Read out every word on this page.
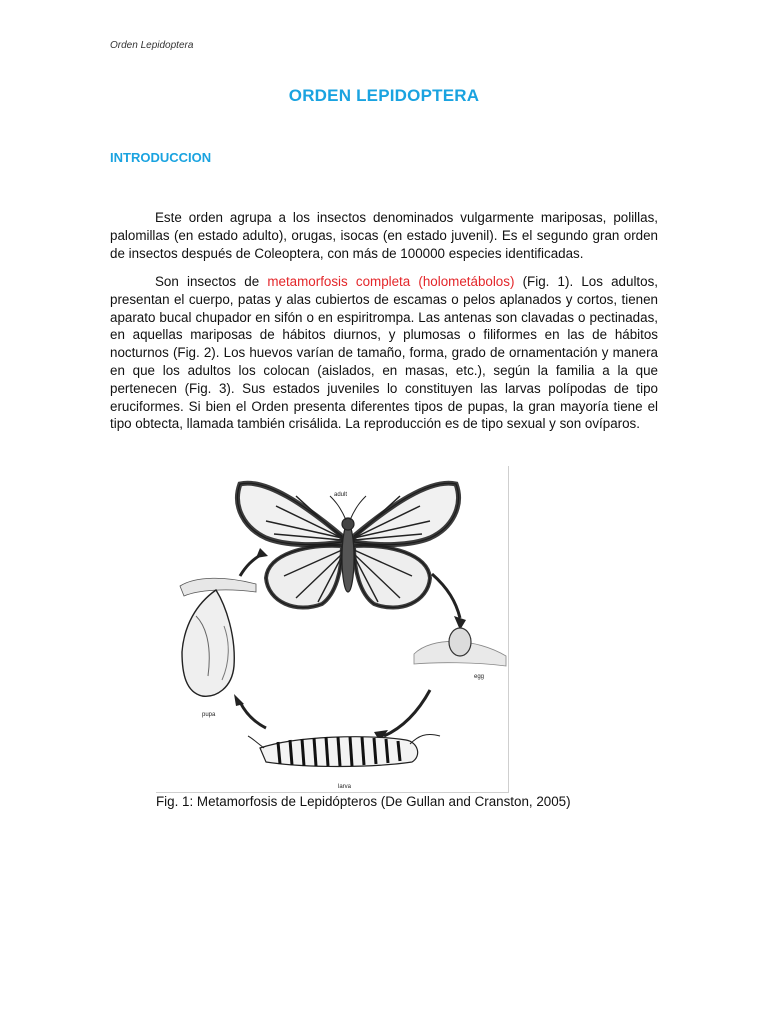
Orden Lepidoptera
ORDEN LEPIDOPTERA
INTRODUCCION

Este orden agrupa a los insectos denominados vulgarmente mariposas, polillas, palomillas (en estado adulto), orugas, isocas (en estado juvenil). Es el segundo gran orden de insectos después de Coleoptera, con más de 100000 especies identificadas.

Son insectos de metamorfosis completa (holometábolos) (Fig. 1). Los adultos, presentan el cuerpo, patas y alas cubiertos de escamas o pelos aplanados y cortos, tienen aparato bucal chupador en sifón o en espiritrompa. Las antenas son clavadas o pectinadas, en aquellas mariposas de hábitos diurnos, y plumosas o filiformes en las de hábitos nocturnos (Fig. 2). Los huevos varían de tamaño, forma, grado de ornamentación y manera en que los adultos los colocan (aislados, en masas, etc.), según la familia a la que pertenecen (Fig. 3). Sus estados juveniles lo constituyen las larvas polípodas de tipo eruciformes. Si bien el Orden presenta diferentes tipos de pupas, la gran mayoría tiene el tipo obtecta, llamada también crisálida. La reproducción es de tipo sexual y son ovíparos.

adult
egg
larva
pupa
Fig. 1: Metamorfosis de Lepidópteros (De Gullan and Cranston, 2005)
